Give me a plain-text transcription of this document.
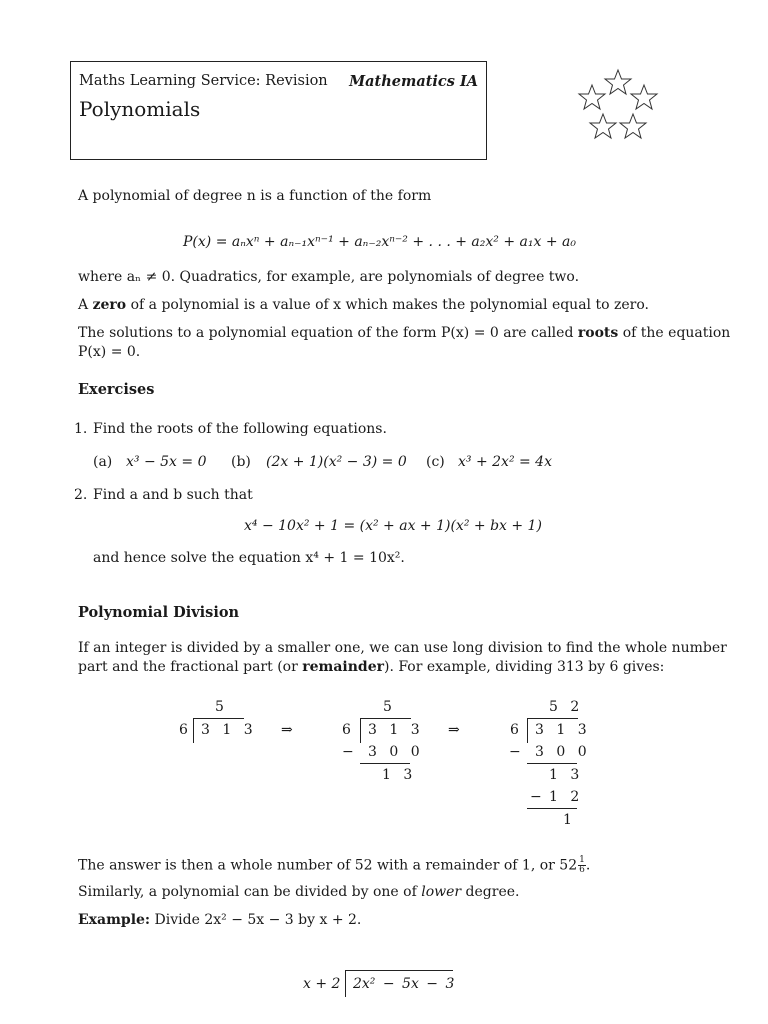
Maths Learning Service: Revision Mathematics IA
Polynomials
A polynomial of degree n is a function of the form
P(x) = aₙxⁿ + aₙ₋₁xⁿ⁻¹ + aₙ₋₂xⁿ⁻² + . . . + a₂x² + a₁x + a₀
where aₙ ≠ 0. Quadratics, for example, are polynomials of degree two.
A zero of a polynomial is a value of x which makes the polynomial equal to zero.
The solutions to a polynomial equation of the form P(x) = 0 are called roots of the equation
P(x) = 0.
Exercises
1. Find the roots of the following equations.
(a) x³ − 5x = 0 (b) (2x + 1)(x² − 3) = 0 (c) x³ + 2x² = 4x
2. Find a and b such that
x⁴ − 10x² + 1 = (x² + ax + 1)(x² + bx + 1)
and hence solve the equation x⁴ + 1 = 10x².
Polynomial Division
If an integer is divided by a smaller one, we can use long division to find the whole number
part and the fractional part (or remainder). For example, dividing 313 by 6 gives:
5
6 3 1 3 ⇒
5
6 3 1 3
− 3 0 0
1 3
⇒
5 2
6 3 1 3
− 3 0 0
1 3
− 1 2
1
The answer is then a whole number of 52 with a remainder of 1, or $52 \frac{1}{6}$ .
Similarly, a polynomial can be divided by one of lower degree.
Example: Divide 2x² − 5x − 3 by x + 2.
x + 2 2x² − 5x − 3
